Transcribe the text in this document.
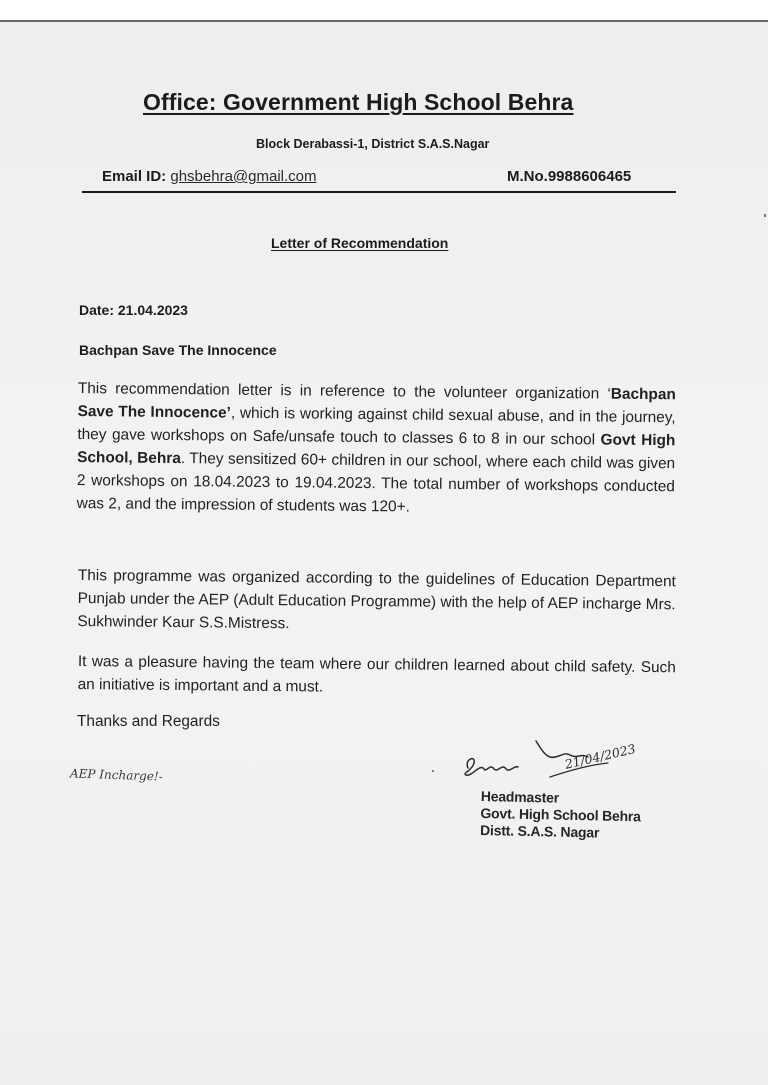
Office: Government High School Behra
Block Derabassi-1, District S.A.S.Nagar
Email ID: ghsbehra@gmail.com	M.No.9988606465
Letter of Recommendation
Date: 21.04.2023
Bachpan Save The Innocence
This recommendation letter is in reference to the volunteer organization ‘Bachpan Save The Innocence’, which is working against child sexual abuse, and in the journey, they gave workshops on Safe/unsafe touch to classes 6 to 8 in our school Govt High School, Behra. They sensitized 60+ children in our school, where each child was given 2 workshops on 18.04.2023 to 19.04.2023. The total number of workshops conducted was 2, and the impression of students was 120+.
This programme was organized according to the guidelines of Education Department Punjab under the AEP (Adult Education Programme) with the help of AEP incharge Mrs. Sukhwinder Kaur S.S.Mistress.
It was a pleasure having the team where our children learned about child safety. Such an initiative is important and a must.
Thanks and Regards
AEP Incharge!-
21/04/2023
Headmaster
Govt. High School Behra
Distt. S.A.S. Nagar
